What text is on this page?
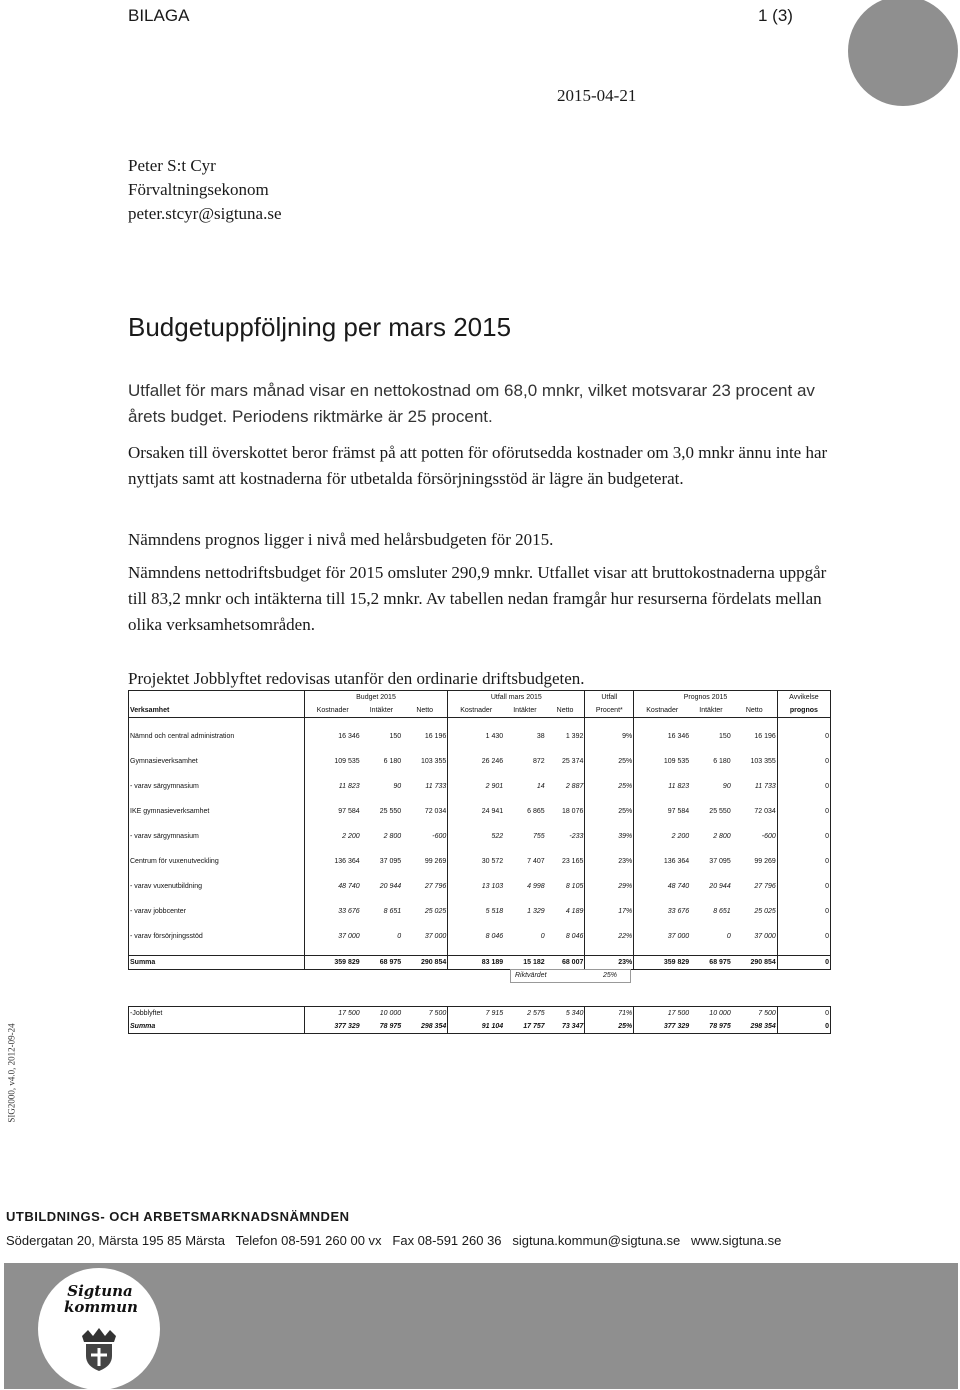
BILAGA	1 (3)
2015-04-21
Peter S:t Cyr
Förvaltningsekonom
peter.stcyr@sigtuna.se
Budgetuppföljning per mars 2015
Utfallet för mars månad visar en nettokostnad om 68,0 mnkr, vilket motsvarar 23 procent av årets budget. Periodens riktmärke är 25 procent.
Orsaken till överskottet beror främst på att potten för oförutsedda kostnader om 3,0 mnkr ännu inte har nyttjats samt att kostnaderna för utbetalda försörjningsstöd är lägre än budgeterat.
Nämndens prognos ligger i nivå med helårsbudgeten för 2015.
Nämndens nettodriftsbudget för 2015 omsluter 290,9 mnkr. Utfallet visar att bruttokostnaderna uppgår till 83,2 mnkr och intäkterna till 15,2 mnkr. Av tabellen nedan framgår hur resurserna fördelats mellan olika verksamhetsområden.
Projektet Jobblyftet redovisas utanför den ordinarie driftsbudgeten.
	Budget 2015			Utfall mars 2015			Utfall	Prognos 2015			Avvikelse
Verksamhet	Kostnader	Intäkter	Netto	Kostnader	Intäkter	Netto	Procent*	Kostnader	Intäkter	Netto	prognos

Nämnd och central administration	16 346	150	16 196	1 430	38	1 392	9%	16 346	150	16 196	0

Gymnasieverksamhet	109 535	6 180	103 355	26 246	872	25 374	25%	109 535	6 180	103 355	0

- varav särgymnasium	11 823	90	11 733	2 901	14	2 887	25%	11 823	90	11 733	0

IKE gymnasieverksamhet	97 584	25 550	72 034	24 941	6 865	18 076	25%	97 584	25 550	72 034	0

- varav särgymnasium	2 200	2 800	-600	522	755	-233	39%	2 200	2 800	-600	0

Centrum för vuxenutveckling	136 364	37 095	99 269	30 572	7 407	23 165	23%	136 364	37 095	99 269	0

- varav vuxenutbildning	48 740	20 944	27 796	13 103	4 998	8 105	29%	48 740	20 944	27 796	0

- varav jobbcenter	33 676	8 651	25 025	5 518	1 329	4 189	17%	33 676	8 651	25 025	0

- varav försörjningsstöd	37 000	0	37 000	8 046	0	8 046	22%	37 000	0	37 000	0

Summa	359 829	68 975	290 854	83 189	15 182	68 007	23%	359 829	68 975	290 854	0

-Jobblyftet	17 500	10 000	7 500	7 915	2 575	5 340	71%	17 500	10 000	7 500	0
Summa	377 329	78 975	298 354	91 104	17 757	73 347	25%	377 329	78 975	298 354	0
Riktvärdet	25%
SIG2000, v4.0, 2012-09-24
UTBILDNINGS- OCH ARBETSMARKNADSNÄMNDEN
Södergatan 20, Märsta 195 85 Märsta   Telefon 08-591 260 00 vx   Fax 08-591 260 36   sigtuna.kommun@sigtuna.se   www.sigtuna.se
Sigtuna
kommun
